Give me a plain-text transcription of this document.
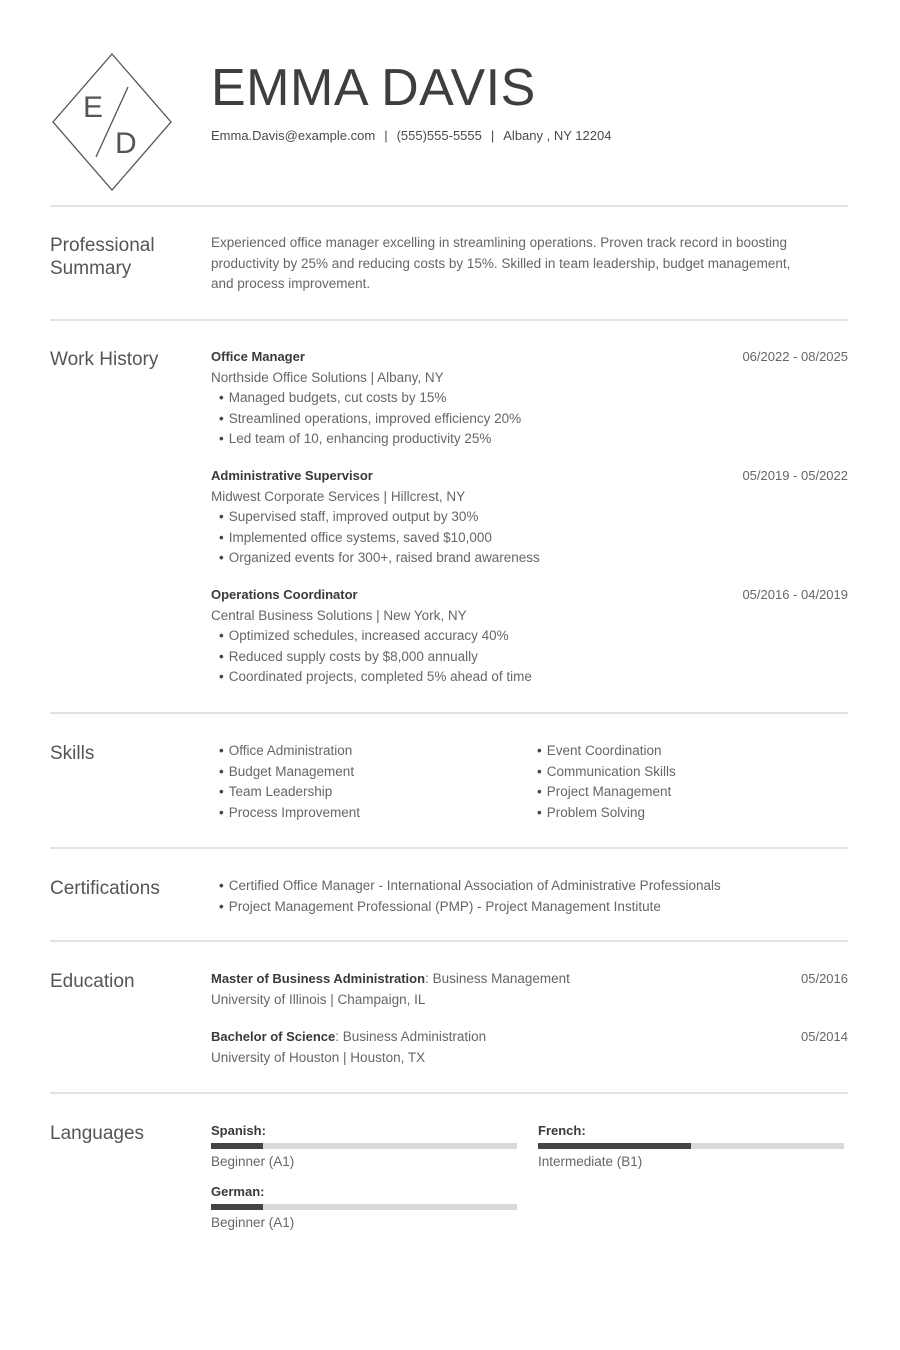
E
D
EMMA DAVIS
Emma.Davis@example.com | (555)555-5555 | Albany , NY 12204
Professional
Summary
Experienced office manager excelling in streamlining operations. Proven track record in boosting
productivity by 25% and reducing costs by 15%. Skilled in team leadership, budget management,
and process improvement.
Work History	Office Manager	06/2022 - 08/2025
Northside Office Solutions | Albany, NY
• Managed budgets, cut costs by 15%
• Streamlined operations, improved efficiency 20%
• Led team of 10, enhancing productivity 25%
Administrative Supervisor	05/2019 - 05/2022
Midwest Corporate Services | Hillcrest, NY
• Supervised staff, improved output by 30%
• Implemented office systems, saved $10,000
• Organized events for 300+, raised brand awareness
Operations Coordinator	05/2016 - 04/2019
Central Business Solutions | New York, NY
• Optimized schedules, increased accuracy 40%
• Reduced supply costs by $8,000 annually
• Coordinated projects, completed 5% ahead of time
Skills	• Office Administration
• Budget Management
• Team Leadership
• Process Improvement
• Event Coordination
• Communication Skills
• Project Management
• Problem Solving
Certifications	• Certified Office Manager - International Association of Administrative Professionals
• Project Management Professional (PMP) - Project Management Institute
Education	Master of Business Administration: Business Management	05/2016
University of Illinois | Champaign, IL
Bachelor of Science: Business Administration	05/2014
University of Houston | Houston, TX
Languages	Spanish:
Beginner (A1)
French:
Intermediate (B1)
German:
Beginner (A1)
